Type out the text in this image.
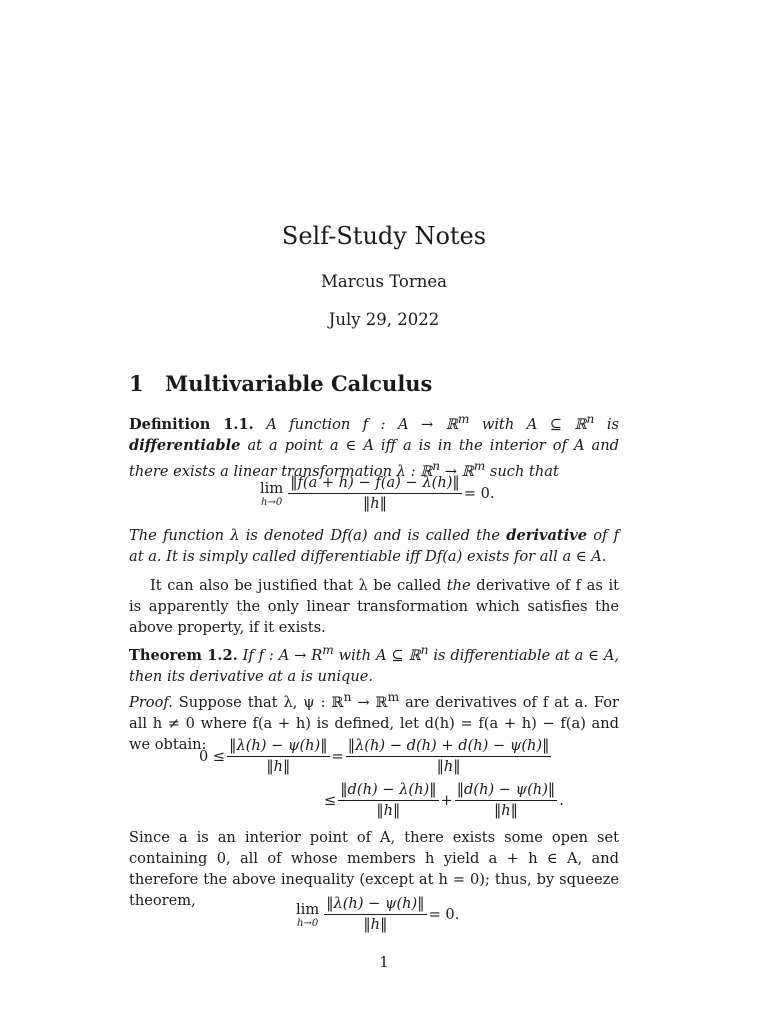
Self-Study Notes
Marcus Tornea
July 29, 2022
1 Multivariable Calculus
Definition 1.1. A function f : A → ℝ$^m$ with A ⊆ ℝ$^n$ is differentiable at a point a ∈ A iff a is in the interior of A and there exists a linear transformation λ : ℝ$^n$ → ℝ$^m$ such that
lim
$h\to 0 \frac{‖f(a + h) - f(a) - \lambda(h)‖}{‖h‖} = 0$.
The function λ is denoted Df(a) and is called the derivative of f at a. It is simply called differentiable iff Df(a) exists for all a ∈ A.
It can also be justified that λ be called the derivative of f as it is apparently the only linear transformation which satisfies the above property, if it exists.
Theorem 1.2. If f : $A \to R^m$ with A ⊆ ℝ$^n$ is differentiable at a ∈ A, then its derivative at a is unique.
Proof. Suppose that λ, ψ : ℝ$^n$ → ℝ$^m$ are derivatives of f at a. For all h ≠ 0 where f(a + h) is defined, let d(h) = f(a + h) − f(a) and we obtain:
$0 \le \frac{‖\lambda(h) - \psi(h)‖}{‖h‖} = \frac{‖\lambda(h) - d(h) + d(h) - \psi(h)‖}{‖h‖}$
≤ $\frac{‖d(h) - \lambda(h)‖}{‖h‖} + \frac{‖d(h) - \psi(h)‖}{‖h‖}$ .
Since a is an interior point of A, there exists some open set containing 0, all of whose members h yield a + h ∈ A, and therefore the above inequality (except at h = 0); thus, by squeeze theorem,	lim
$h\to 0 \frac{‖\lambda(h) - \psi(h)‖}{‖h‖} = 0$.
1
